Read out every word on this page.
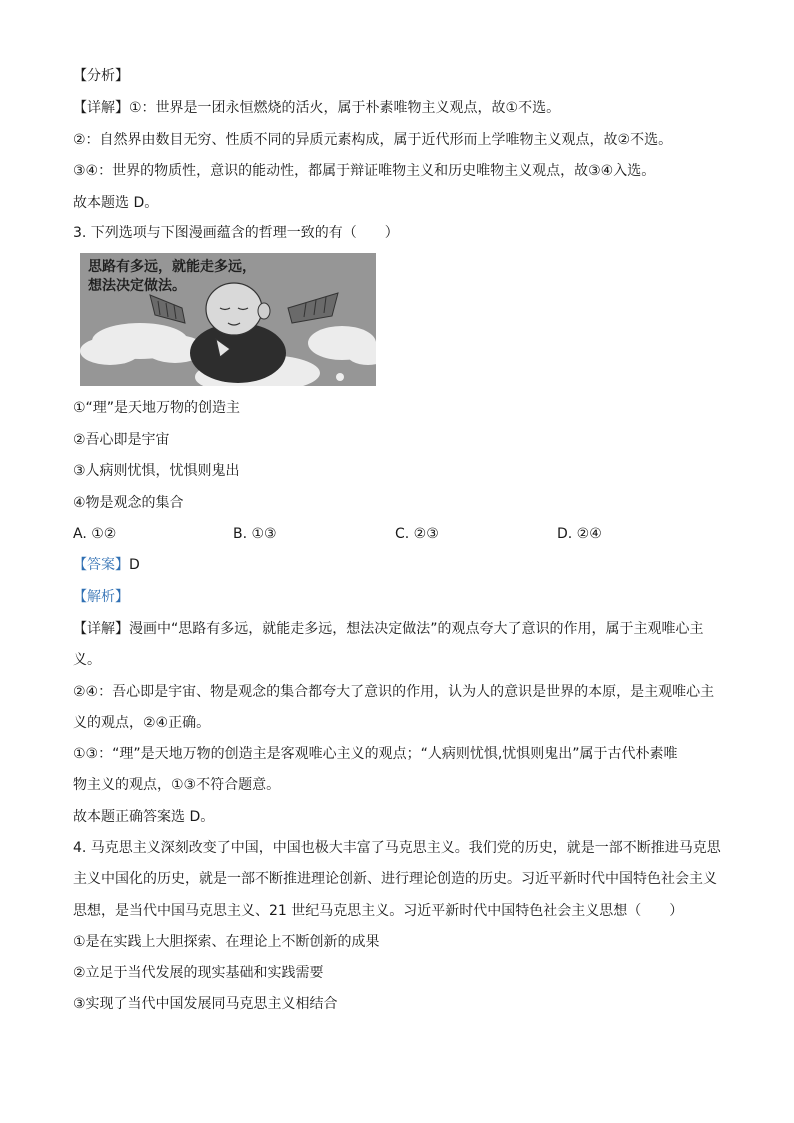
【分析】
【详解】①：世界是一团永恒燃烧的活火，属于朴素唯物主义观点，故①不选。
②：自然界由数目无穷、性质不同的异质元素构成，属于近代形而上学唯物主义观点，故②不选。
③④：世界的物质性，意识的能动性，都属于辩证唯物主义和历史唯物主义观点，故③④入选。
故本题选 D。
3. 下列选项与下图漫画蕴含的哲理一致的有（　　）
思路有多远，就能走多远，
想法决定做法。
①“理”是天地万物的创造主
②吾心即是宇宙
③人病则忧惧，忧惧则鬼出
④物是观念的集合
A. ①②	B. ①③	C. ②③	D. ②④
【答案】D
【解析】
【详解】漫画中“思路有多远，就能走多远，想法决定做法”的观点夸大了意识的作用，属于主观唯心主
义。
②④：吾心即是宇宙、物是观念的集合都夸大了意识的作用，认为人的意识是世界的本原，是主观唯心主
义的观点，②④正确。
①③：“理”是天地万物的创造主是客观唯心主义的观点；“人病则忧惧,忧惧则鬼出”属于古代朴素唯
物主义的观点，①③不符合题意。
故本题正确答案选 D。
4. 马克思主义深刻改变了中国，中国也极大丰富了马克思主义。我们党的历史，就是一部不断推进马克思
主义中国化的历史，就是一部不断推进理论创新、进行理论创造的历史。习近平新时代中国特色社会主义
思想，是当代中国马克思主义、21 世纪马克思主义。习近平新时代中国特色社会主义思想（　　）
①是在实践上大胆探索、在理论上不断创新的成果
②立足于当代发展的现实基础和实践需要
③实现了当代中国发展同马克思主义相结合
